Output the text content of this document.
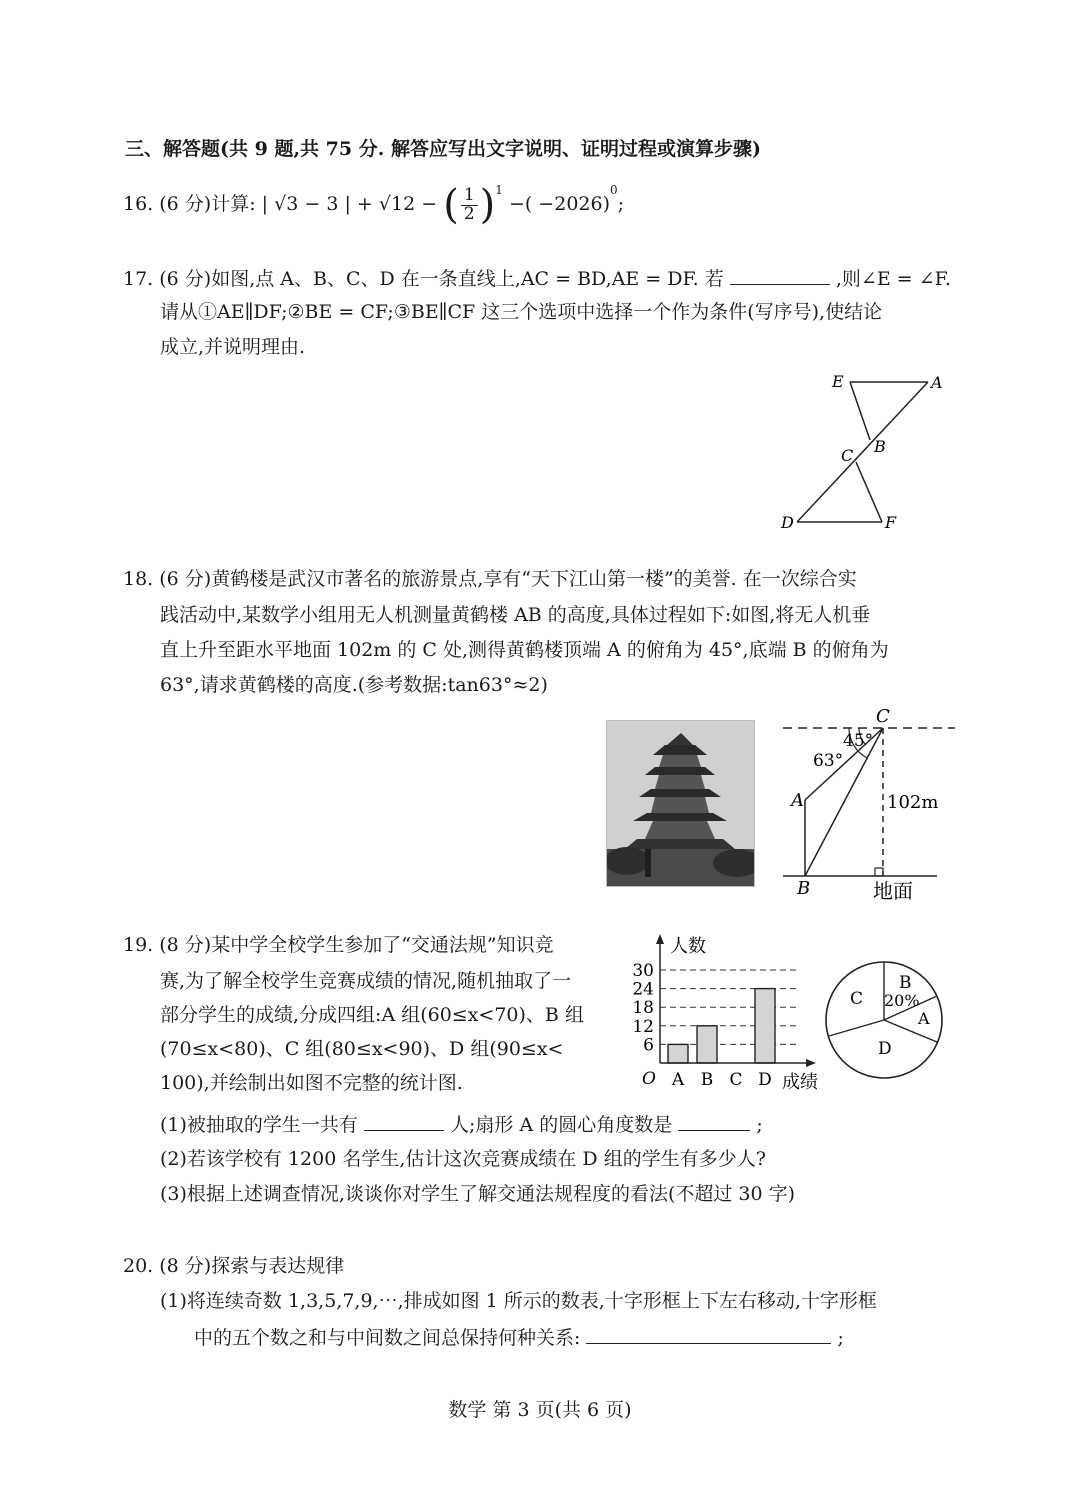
三、解答题(共 9 题,共 75 分. 解答应写出文字说明、证明过程或演算步骤)
16. (6 分)计算: | √3 − 3 | + √12 − ( $\frac{1}{2} )^1$ −( −2026)$^0$;
17. (6 分)如图,点 A、B、C、D 在一条直线上,AC = BD,AE = DF. 若	,则∠E = ∠F.
请从①AE∥DF;②BE = CF;③BE∥CF 这三个选项中选择一个作为条件(写序号),使结论
成立,并说明理由.
E	A
B
C
D	F
18. (6 分)黄鹤楼是武汉市著名的旅游景点,享有“天下江山第一楼”的美誉. 在一次综合实
践活动中,某数学小组用无人机测量黄鹤楼 AB 的高度,具体过程如下:如图,将无人机垂
直上升至距水平地面 102m 的 C 处,测得黄鹤楼顶端 A 的俯角为 45°,底端 B 的俯角为
63°,请求黄鹤楼的高度.(参考数据:tan63°≈2)
C
45°
63°
A	102m
B	地面
19. (8 分)某中学全校学生参加了“交通法规”知识竞
赛,为了解全校学生竞赛成绩的情况,随机抽取了一
部分学生的成绩,分成四组:A 组(60≤x<70)、B 组
(70≤x<80)、C 组(80≤x<90)、D 组(90≤x<
100),并绘制出如图不完整的统计图.
6
12
18
24
30
A B C D
人数
成绩
O
B
20%
A
C
D
(1)被抽取的学生一共有	人;扇形 A 的圆心角度数是	;
(2)若该学校有 1200 名学生,估计这次竞赛成绩在 D 组的学生有多少人?
(3)根据上述调查情况,谈谈你对学生了解交通法规程度的看法(不超过 30 字)
20. (8 分)探索与表达规律
(1)将连续奇数 1,3,5,7,9,⋯,排成如图 1 所示的数表,十字形框上下左右移动,十字形框
中的五个数之和与中间数之间总保持何种关系:	;
数学 第 3 页(共 6 页)
